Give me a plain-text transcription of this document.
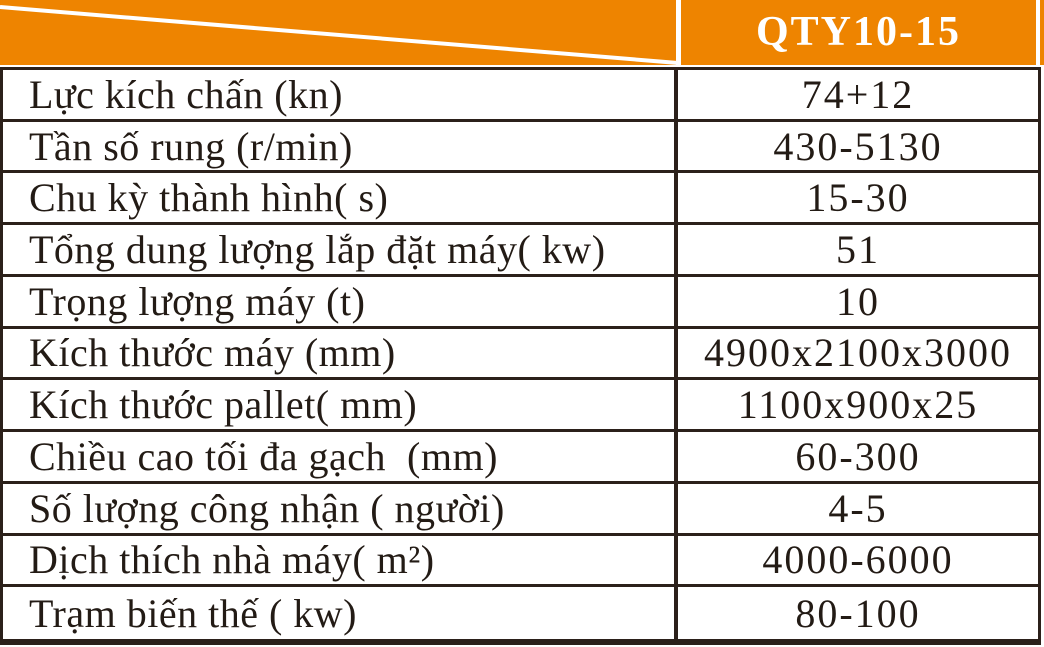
QTY10-15
Lực kích chấn (kn)	74+12
Tần số rung (r/min)	430-5130
Chu kỳ thành hình( s)	15-30
Tổng dung lượng lắp đặt máy( kw)	51
Trọng lượng máy (t)	10
Kích thước máy (mm)	4900x2100x3000
Kích thước pallet( mm)	1100x900x25
Chiều cao tối đa gạch  (mm)	60-300
Số lượng công nhận ( người)	4-5
Dịch thích nhà máy( m²)	4000-6000
Trạm biến thế ( kw)	80-100
